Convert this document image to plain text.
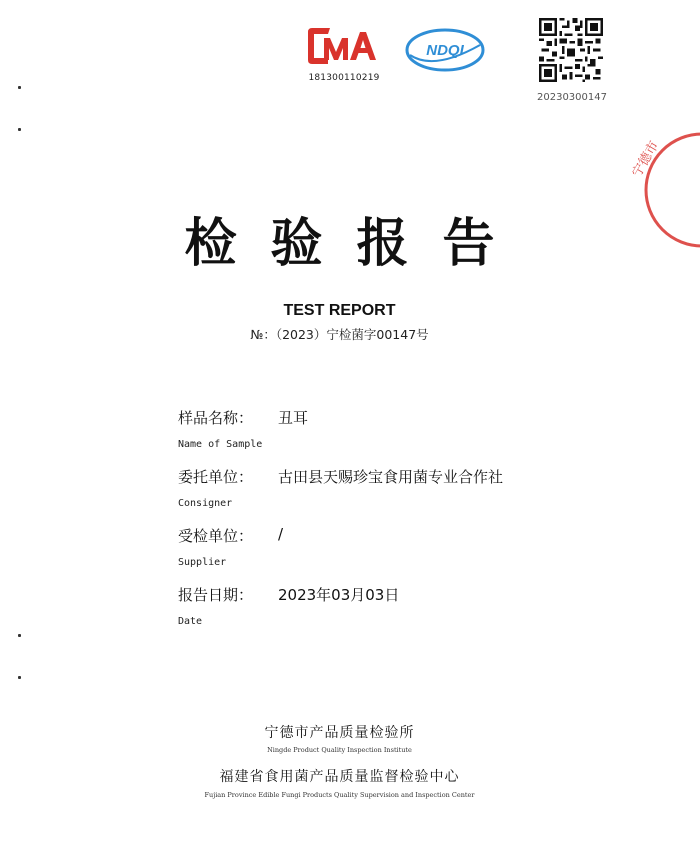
181300110219
NDQI
20230300147
宁德市
检验报告
TEST REPORT
№：（2023）宁检菌字00147号
样品名称： 丑耳
Name of Sample
委托单位： 古田县天赐珍宝食用菌专业合作社
Consigner
受检单位： /
Supplier
报告日期： 2023年03月03日
Date
宁德市产品质量检验所
Ningde Product Quality Inspection Institute
福建省食用菌产品质量监督检验中心
Fujian Province Edible Fungi Products Quality Supervision and Inspection Center
